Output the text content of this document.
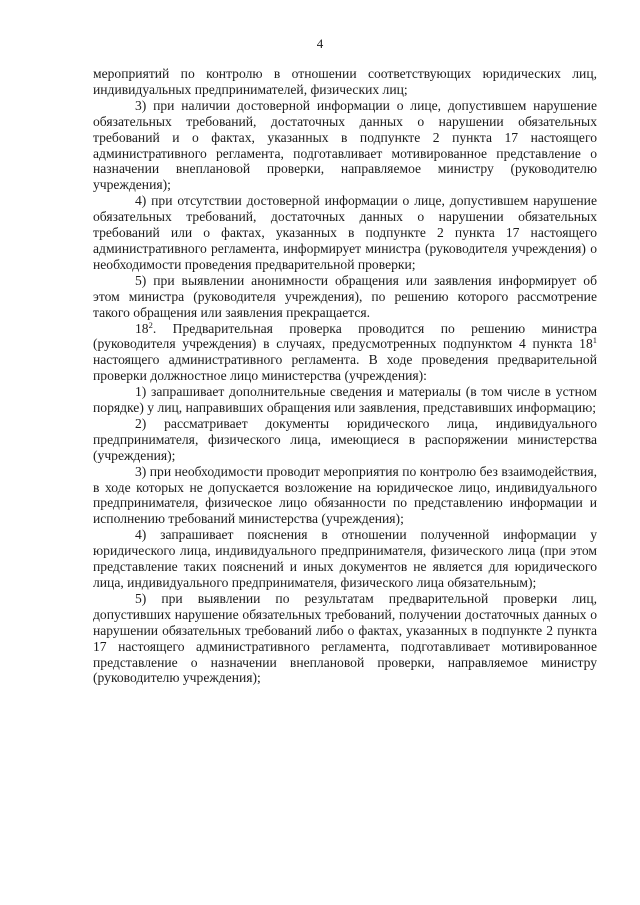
4

мероприятий по контролю в отношении соответствующих юридических лиц, индивидуальных предпринимателей, физических лиц;

3) при наличии достоверной информации о лице, допустившем нарушение обязательных требований, достаточных данных о нарушении обязательных требований и о фактах, указанных в подпункте 2 пункта 17 настоящего административного регламента, подготавливает мотивированное представление о назначении внеплановой проверки, направляемое министру (руководителю учреждения);

4) при отсутствии достоверной информации о лице, допустившем нарушение обязательных требований, достаточных данных о нарушении обязательных требований или о фактах, указанных в подпункте 2 пункта 17 настоящего административного регламента, информирует министра (руководителя учреждения) о необходимости проведения предварительной проверки;

5) при выявлении анонимности обращения или заявления информирует об этом министра (руководителя учреждения), по решению которого рассмотрение такого обращения или заявления прекращается.

$18^2$. Предварительная проверка проводится по решению министра (руководителя учреждения) в случаях, предусмотренных подпунктом 4 пункта $18^1$ настоящего административного регламента. В ходе проведения предварительной проверки должностное лицо министерства (учреждения):

1) запрашивает дополнительные сведения и материалы (в том числе в устном порядке) у лиц, направивших обращения или заявления, представивших информацию;

2) рассматривает документы юридического лица, индивидуального предпринимателя, физического лица, имеющиеся в распоряжении министерства (учреждения);

3) при необходимости проводит мероприятия по контролю без взаимодействия, в ходе которых не допускается возложение на юридическое лицо, индивидуального предпринимателя, физическое лицо обязанности по представлению информации и исполнению требований министерства (учреждения);

4) запрашивает пояснения в отношении полученной информации у юридического лица, индивидуального предпринимателя, физического лица (при этом представление таких пояснений и иных документов не является для юридического лица, индивидуального предпринимателя, физического лица обязательным);

5) при выявлении по результатам предварительной проверки лиц, допустивших нарушение обязательных требований, получении достаточных данных о нарушении обязательных требований либо о фактах, указанных в подпункте 2 пункта 17 настоящего административного регламента, подготавливает мотивированное представление о назначении внеплановой проверки, направляемое министру (руководителю учреждения);
